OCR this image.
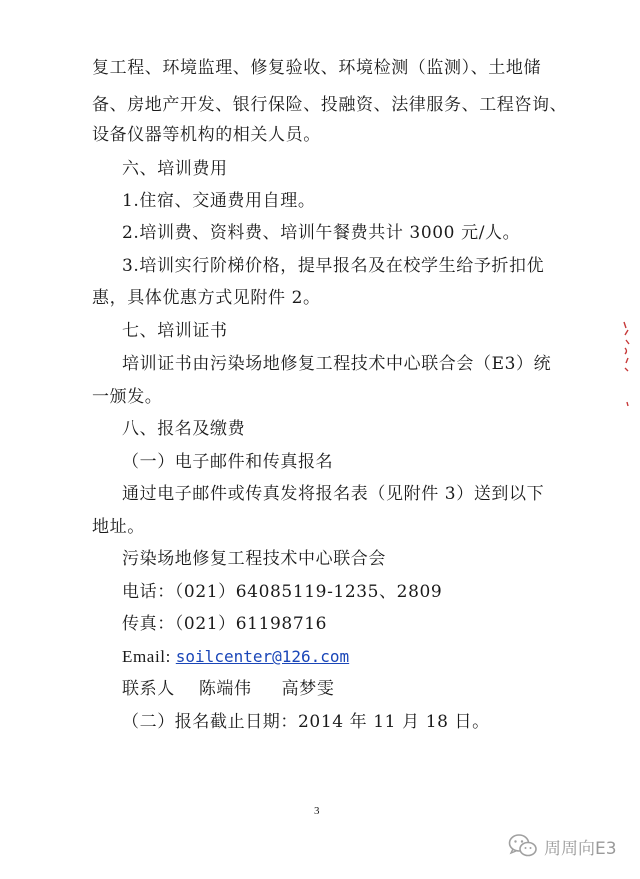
复工程、环境监理、修复验收、环境检测（监测）、土地储
备、房地产开发、银行保险、投融资、法律服务、工程咨询、
设备仪器等机构的相关人员。
六、培训费用
1.住宿、交通费用自理。
2.培训费、资料费、培训午餐费共计 3000 元/人。
3.培训实行阶梯价格，提早报名及在校学生给予折扣优
惠，具体优惠方式见附件 2。
七、培训证书
培训证书由污染场地修复工程技术中心联合会（E3）统
一颁发。
八、报名及缴费
（一）电子邮件和传真报名
通过电子邮件或传真发将报名表（见附件 3）送到以下
地址。
污染场地修复工程技术中心联合会
电话：（021）64085119-1235、2809
传真：（021）61198716
Email: soilcenter@126.com
联系人    陈端伟     高梦雯
（二）报名截止日期：2014 年 11 月 18 日。
3
周周向E3
